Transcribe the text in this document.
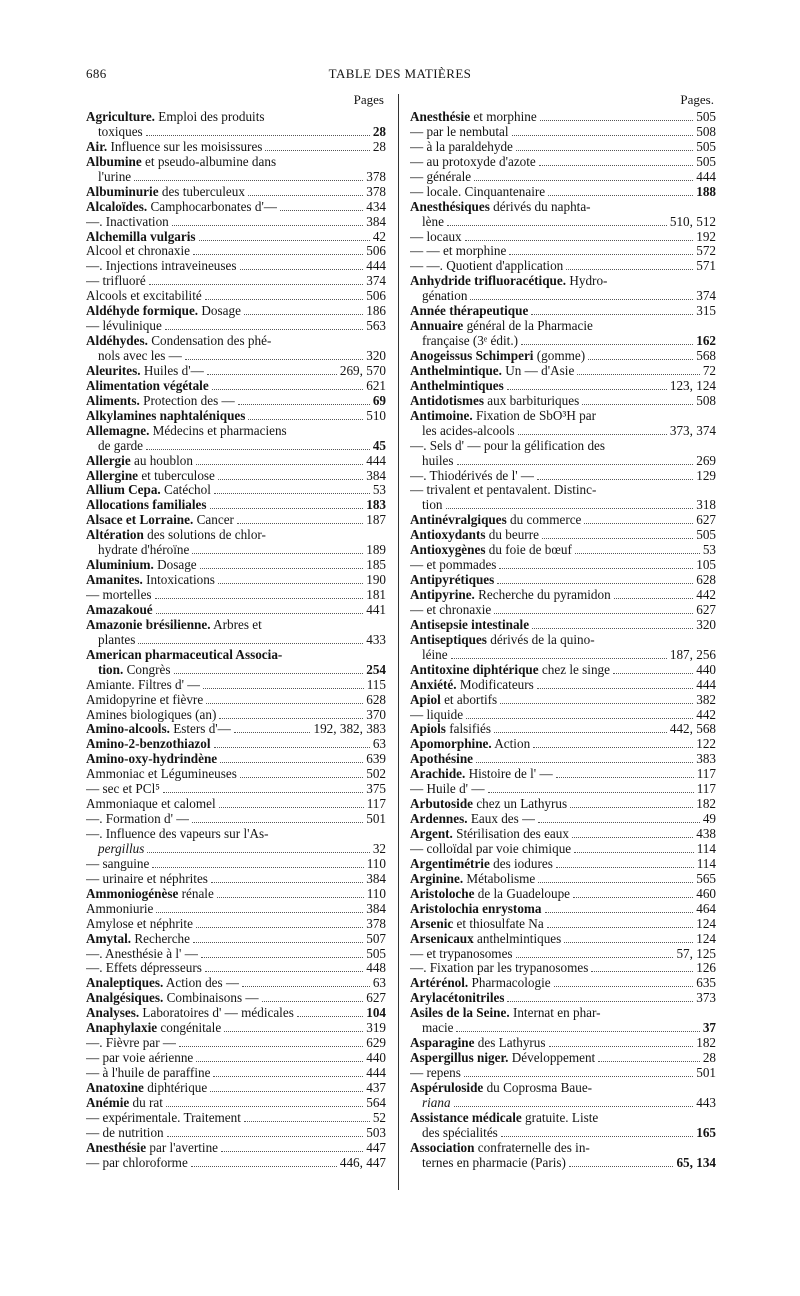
686	TABLE DES MATIÈRES
Pages
Agriculture. Emploi des produits
toxiques	28
Air. Influence sur les moisissures	28
Albumine et pseudo-albumine dans
l'urine	378
Albuminurie des tuberculeux	378
Alcaloïdes. Camphocarbonates d'—	434
—. Inactivation	384
Alchemilla vulgaris	42
Alcool et chronaxie	506
—. Injections intraveineuses	444
— trifluoré	374
Alcools et excitabilité	506
Aldéhyde formique. Dosage	186
— lévulinique	563
Aldéhydes. Condensation des phé-
nols avec les —	320
Aleurites. Huiles d'—	269, 570
Alimentation végétale	621
Aliments. Protection des —	69
Alkylamines naphtaléniques	510
Allemagne. Médecins et pharmaciens
de garde	45
Allergie au houblon	444
Allergine et tuberculose	384
Allium Cepa. Catéchol	53
Allocations familiales	183
Alsace et Lorraine. Cancer	187
Altération des solutions de chlor-
hydrate d'héroïne	189
Aluminium. Dosage	185
Amanites. Intoxications	190
— mortelles	181
Amazakoué	441
Amazonie brésilienne. Arbres et
plantes	433
American pharmaceutical Associa-
tion. Congrès	254
Amiante. Filtres d' —	115
Amidopyrine et fièvre	628
Amines biologiques (an)	370
Amino-alcools. Esters d'—	192, 382, 383
Amino-2-benzothiazol	63
Amino-oxy-hydrindène	639
Ammoniac et Légumineuses	502
— sec et PCl⁵	375
Ammoniaque et calomel	117
—. Formation d' —	501
—. Influence des vapeurs sur l'As-
pergillus	32
— sanguine	110
— urinaire et néphrites	384
Ammoniogénèse rénale	110
Ammoniurie	384
Amylose et néphrite	378
Amytal. Recherche	507
—. Anesthésie à l' —	505
—. Effets dépresseurs	448
Analeptiques. Action des —	63
Analgésiques. Combinaisons —	627
Analyses. Laboratoires d' — médicales	104
Anaphylaxie congénitale	319
—. Fièvre par —	629
— par voie aérienne	440
— à l'huile de paraffine	444
Anatoxine diphtérique	437
Anémie du rat	564
— expérimentale. Traitement	52
— de nutrition	503
Anesthésie par l'avertine	447
— par chloroforme	446, 447
Pages.
Anesthésie et morphine	505
— par le nembutal	508
— à la paraldehyde	505
— au protoxyde d'azote	505
— générale	444
— locale. Cinquantenaire	188
Anesthésiques dérivés du naphta-
lène	510, 512
— locaux	192
— — et morphine	572
— —. Quotient d'application	571
Anhydride trifluoracétique. Hydro-
génation	374
Année thérapeutique	315
Annuaire général de la Pharmacie
française (3ᵉ édit.)	162
Anogeissus Schimperi (gomme)	568
Anthelmintique. Un — d'Asie	72
Anthelmintiques	123, 124
Antidotismes aux barbituriques	508
Antimoine. Fixation de SbO³H par
les acides-alcools	373, 374
—. Sels d' — pour la gélification des
huiles	269
—. Thiodérivés de l' —	129
— trivalent et pentavalent. Distinc-
tion	318
Antinévralgiques du commerce	627
Antioxydants du beurre	505
Antioxygènes du foie de bœuf	53
— et pommades	105
Antipyrétiques	628
Antipyrine. Recherche du pyramidon	442
— et chronaxie	627
Antisepsie intestinale	320
Antiseptiques dérivés de la quino-
léine	187, 256
Antitoxine diphtérique chez le singe	440
Anxiété. Modificateurs	444
Apiol et abortifs	382
— liquide	442
Apiols falsifiés	442, 568
Apomorphine. Action	122
Apothésine	383
Arachide. Histoire de l' —	117
— Huile d' —	117
Arbutoside chez un Lathyrus	182
Ardennes. Eaux des —	49
Argent. Stérilisation des eaux	438
— colloïdal par voie chimique	114
Argentimétrie des iodures	114
Arginine. Métabolisme	565
Aristoloche de la Guadeloupe	460
Aristolochia enrystoma	464
Arsenic et thiosulfate Na	124
Arsenicaux anthelmintiques	124
— et trypanosomes	57, 125
—. Fixation par les trypanosomes	126
Artérénol. Pharmacologie	635
Arylacétonitriles	373
Asiles de la Seine. Internat en phar-
macie	37
Asparagine des Lathyrus	182
Aspergillus niger. Développement	28
— repens	501
Aspéruloside du Coprosma Baue-
riana	443
Assistance médicale gratuite. Liste
des spécialités	165
Association confraternelle des in-
ternes en pharmacie (Paris)	65, 134
